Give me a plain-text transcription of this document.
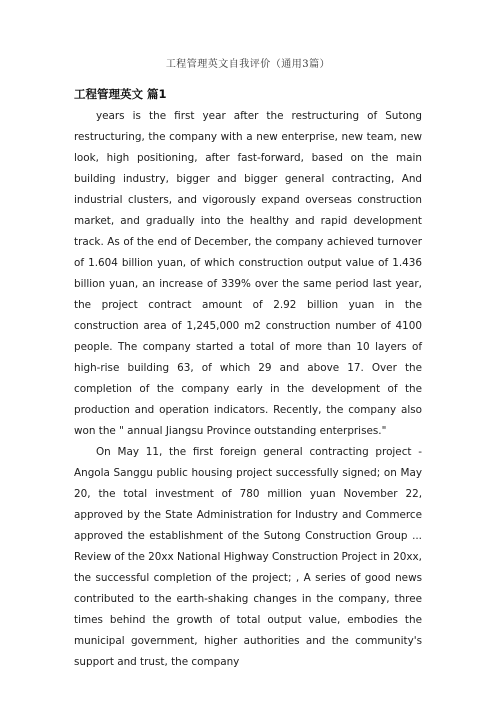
工程管理英文自我评价（通用3篇）
工程管理英文 篇1

years is the first year after the restructuring of Sutong restructuring, the company with a new enterprise, new team, new look, high positioning, after fast-forward, based on the main building industry, bigger and bigger general contracting, And industrial clusters, and vigorously expand overseas construction market, and gradually into the healthy and rapid development track. As of the end of December, the company achieved turnover of 1.604 billion yuan, of which construction output value of 1.436 billion yuan, an increase of 339% over the same period last year, the project contract amount of 2.92 billion yuan in the construction area of 1,245,000 m2 construction number of 4100 people. The company started a total of more than 10 layers of high-rise building 63, of which 29 and above 17. Over the completion of the company early in the development of the production and operation indicators. Recently, the company also won the " annual Jiangsu Province outstanding enterprises."

On May 11, the first foreign general contracting project - Angola Sanggu public housing project successfully signed; on May 20, the total investment of 780 million yuan November 22, approved by the State Administration for Industry and Commerce approved the establishment of the Sutong Construction Group ... Review of the 20xx National Highway Construction Project in 20xx, the successful completion of the project; , A series of good news contributed to the earth-shaking changes in the company, three times behind the growth of total output value, embodies the municipal government, higher authorities and the community's support and trust, the company
